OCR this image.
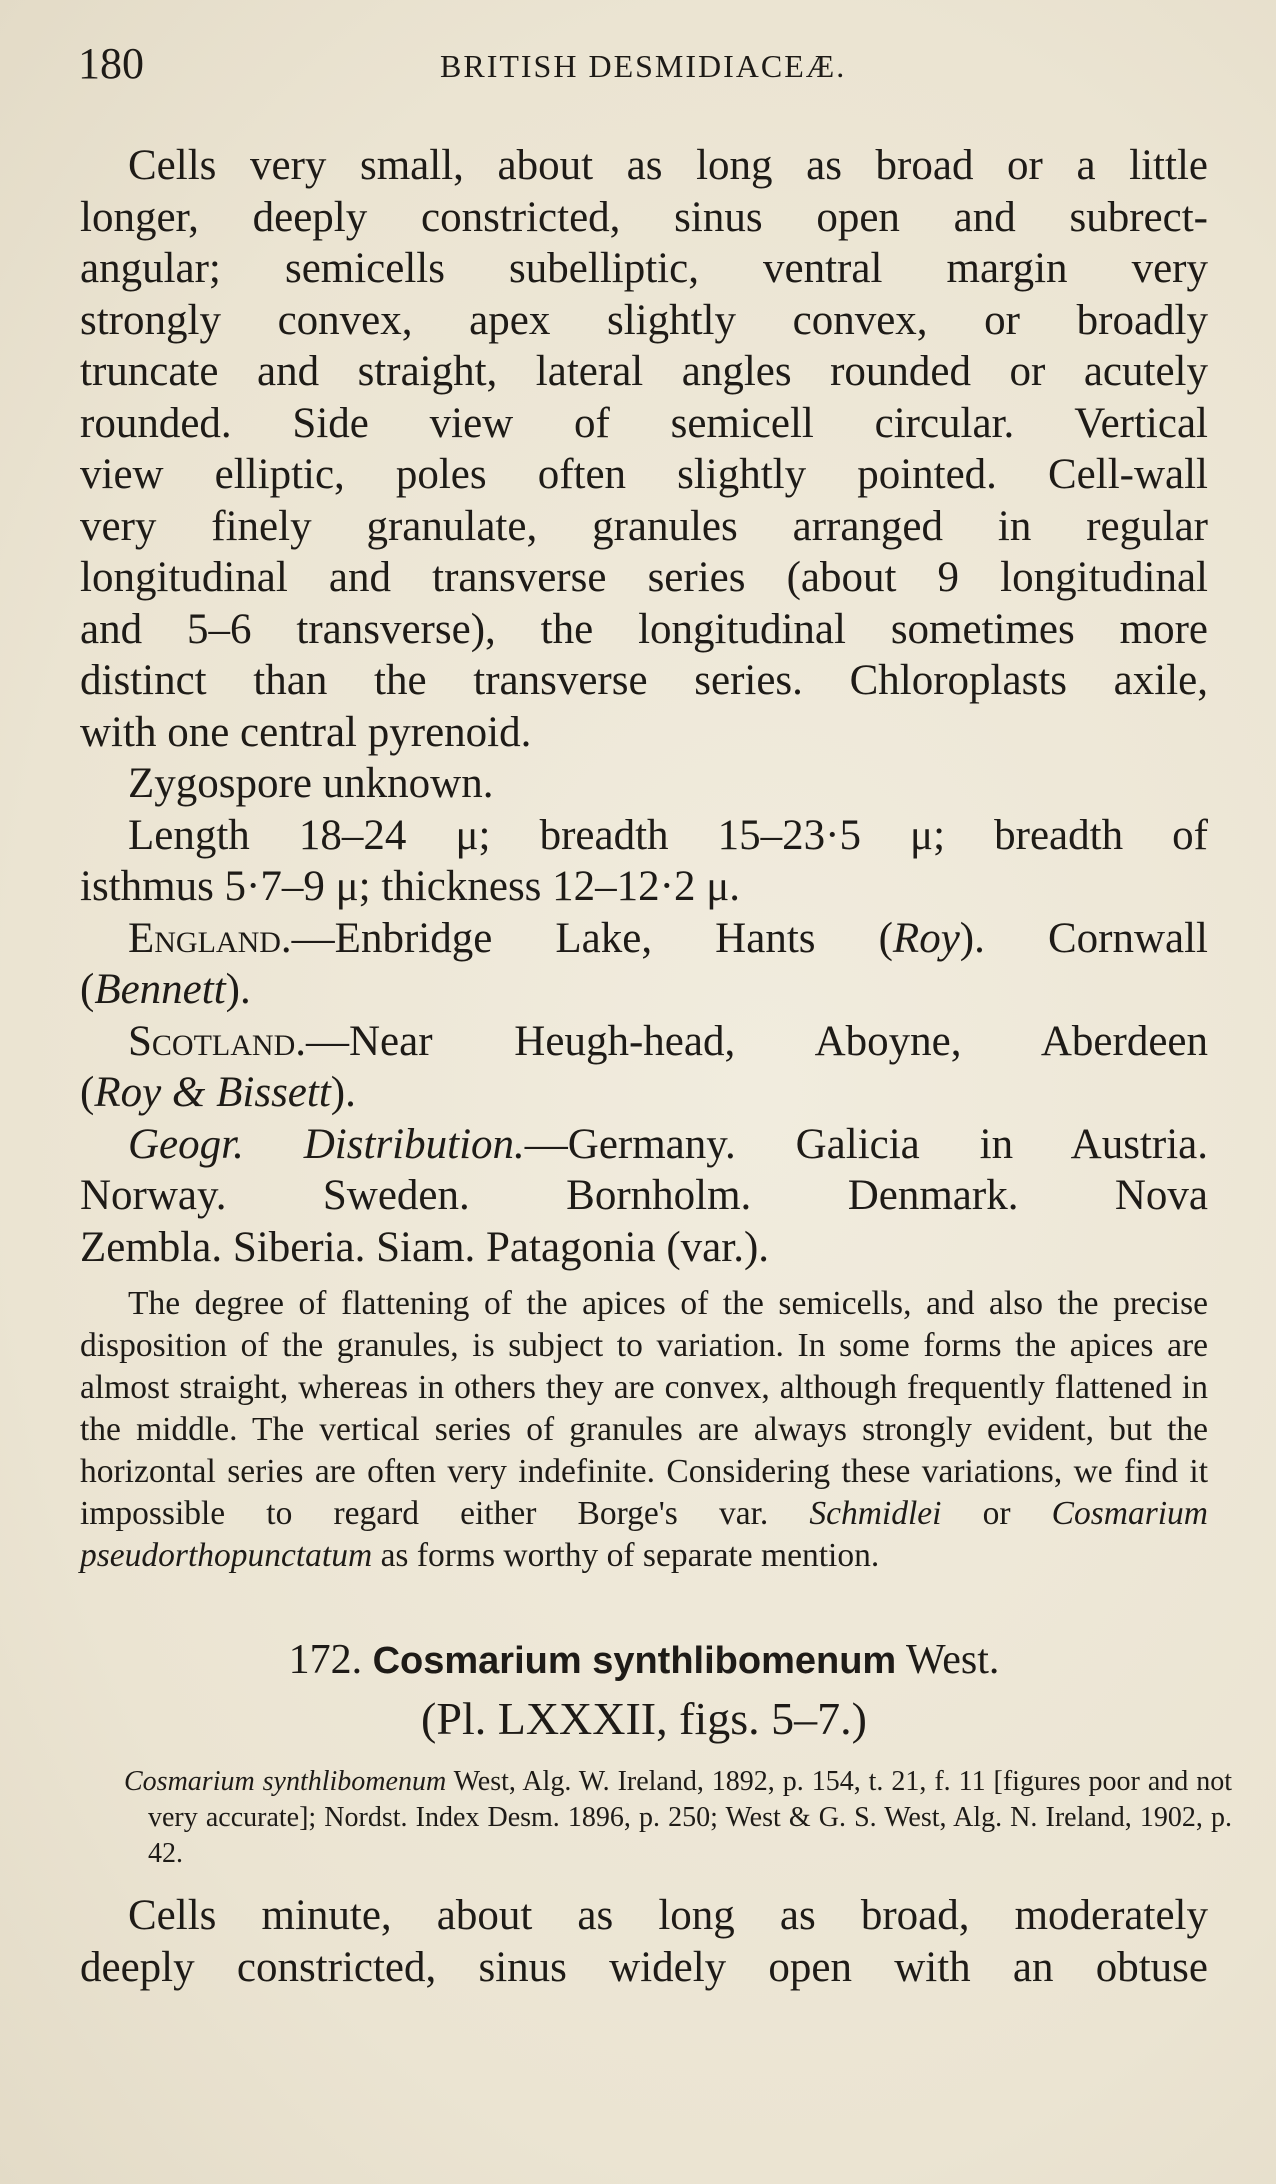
180	BRITISH DESMIDIACEÆ.
Cells very small, about as long as broad or a little
longer, deeply constricted, sinus open and subrect-
angular; semicells subelliptic, ventral margin very
strongly convex, apex slightly convex, or broadly
truncate and straight, lateral angles rounded or acutely
rounded. Side view of semicell circular. Vertical
view elliptic, poles often slightly pointed. Cell-wall
very finely granulate, granules arranged in regular
longitudinal and transverse series (about 9 longitudinal
and 5–6 transverse), the longitudinal sometimes more
distinct than the transverse series. Chloroplasts axile,
with one central pyrenoid.

Zygospore unknown.

Length 18–24 μ; breadth 15–23·5 μ; breadth of
isthmus 5·7–9 μ; thickness 12–12·2 μ.
England.—Enbridge Lake, Hants (Roy). Cornwall
(Bennett).
Scotland.—Near Heugh-head, Aboyne, Aberdeen
(Roy & Bissett).
Geogr. Distribution.—Germany. Galicia in Austria.
Norway. Sweden. Bornholm. Denmark. Nova
Zembla. Siberia. Siam. Patagonia (var.).

The degree of flattening of the apices of the semicells, and also the precise disposition of the granules, is subject to variation. In some forms the apices are almost straight, whereas in others they are convex, although frequently flattened in the middle. The vertical series of granules are always strongly evident, but the horizontal series are often very indefinite. Considering these variations, we find it impossible to regard either Borge's var. Schmidlei or Cosmarium pseudorthopunctatum as forms worthy of separate mention.

172. Cosmarium synthlibomenum West.
(Pl. LXXXII, figs. 5–7.)

Cosmarium synthlibomenum West, Alg. W. Ireland, 1892, p. 154, t. 21, f. 11 [figures poor and not very accurate]; Nordst. Index Desm. 1896, p. 250; West & G. S. West, Alg. N. Ireland, 1902, p. 42.

Cells minute, about as long as broad, moderately
deeply constricted, sinus widely open with an obtuse
